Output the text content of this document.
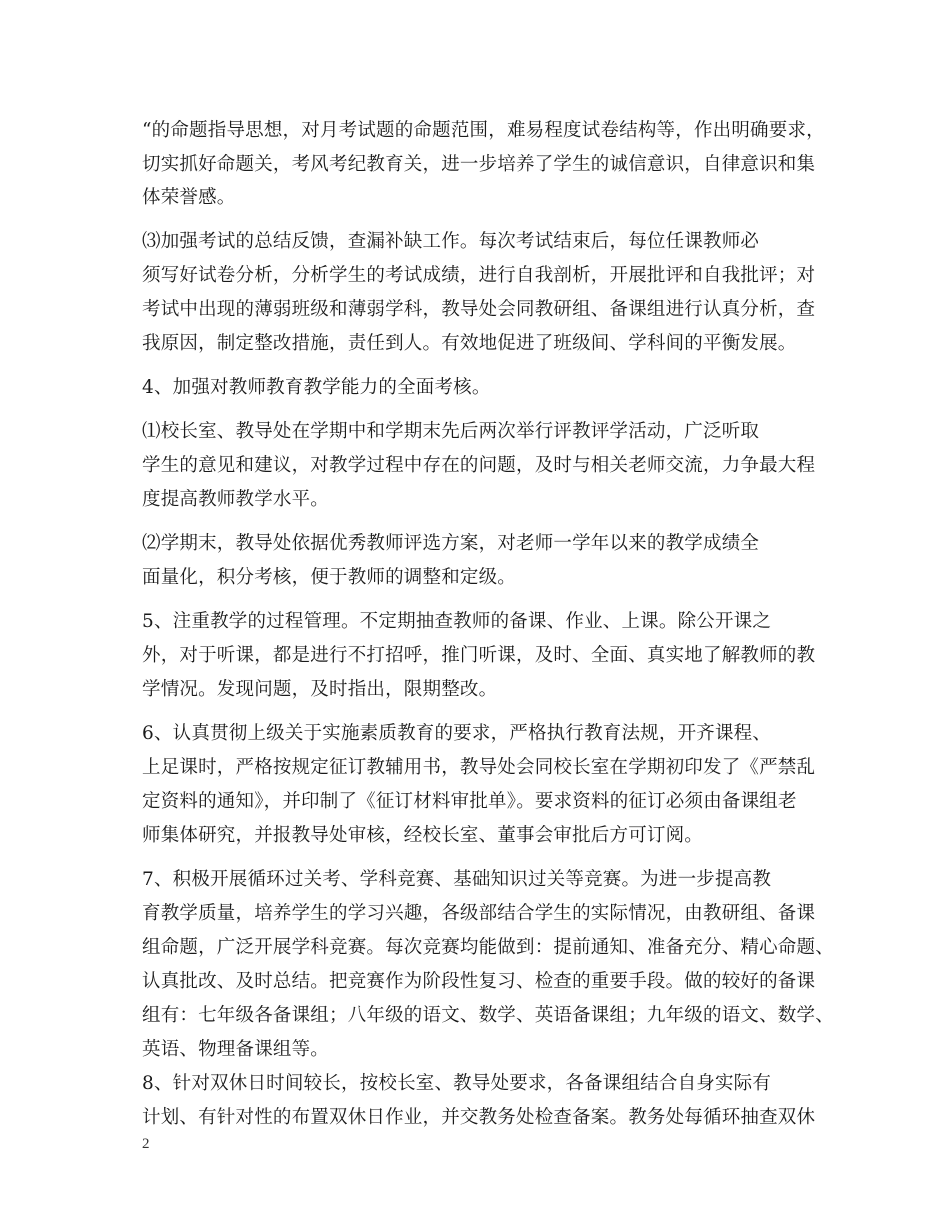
“的命题指导思想，对月考试题的命题范围，难易程度试卷结构等，作出明确要求，
切实抓好命题关，考风考纪教育关，进一步培养了学生的诚信意识，自律意识和集
体荣誉感。
⑶加强考试的总结反馈，查漏补缺工作。每次考试结束后，每位任课教师必
须写好试卷分析，分析学生的考试成绩，进行自我剖析，开展批评和自我批评；对
考试中出现的薄弱班级和薄弱学科，教导处会同教研组、备课组进行认真分析，查
我原因，制定整改措施，责任到人。有效地促进了班级间、学科间的平衡发展。
4、加强对教师教育教学能力的全面考核。
⑴校长室、教导处在学期中和学期末先后两次举行评教评学活动，广泛听取
学生的意见和建议，对教学过程中存在的问题，及时与相关老师交流，力争最大程
度提高教师教学水平。
⑵学期末，教导处依据优秀教师评选方案，对老师一学年以来的教学成绩全
面量化，积分考核，便于教师的调整和定级。
5、注重教学的过程管理。不定期抽查教师的备课、作业、上课。除公开课之
外，对于听课，都是进行不打招呼，推门听课，及时、全面、真实地了解教师的教
学情况。发现问题，及时指出，限期整改。
6、认真贯彻上级关于实施素质教育的要求，严格执行教育法规，开齐课程、
上足课时，严格按规定征订教辅用书，教导处会同校长室在学期初印发了《严禁乱
定资料的通知》，并印制了《征订材料审批单》。要求资料的征订必须由备课组老
师集体研究，并报教导处审核，经校长室、董事会审批后方可订阅。
7、积极开展循环过关考、学科竞赛、基础知识过关等竞赛。为进一步提高教
育教学质量，培养学生的学习兴趣，各级部结合学生的实际情况，由教研组、备课
组命题，广泛开展学科竞赛。每次竞赛均能做到：提前通知、准备充分、精心命题、
认真批改、及时总结。把竞赛作为阶段性复习、检查的重要手段。做的较好的备课
组有：七年级各备课组；八年级的语文、数学、英语备课组；九年级的语文、数学、
英语、物理备课组等。
8、针对双休日时间较长，按校长室、教导处要求，各备课组结合自身实际有
计划、有针对性的布置双休日作业，并交教务处检查备案。教务处每循环抽查双休
2
